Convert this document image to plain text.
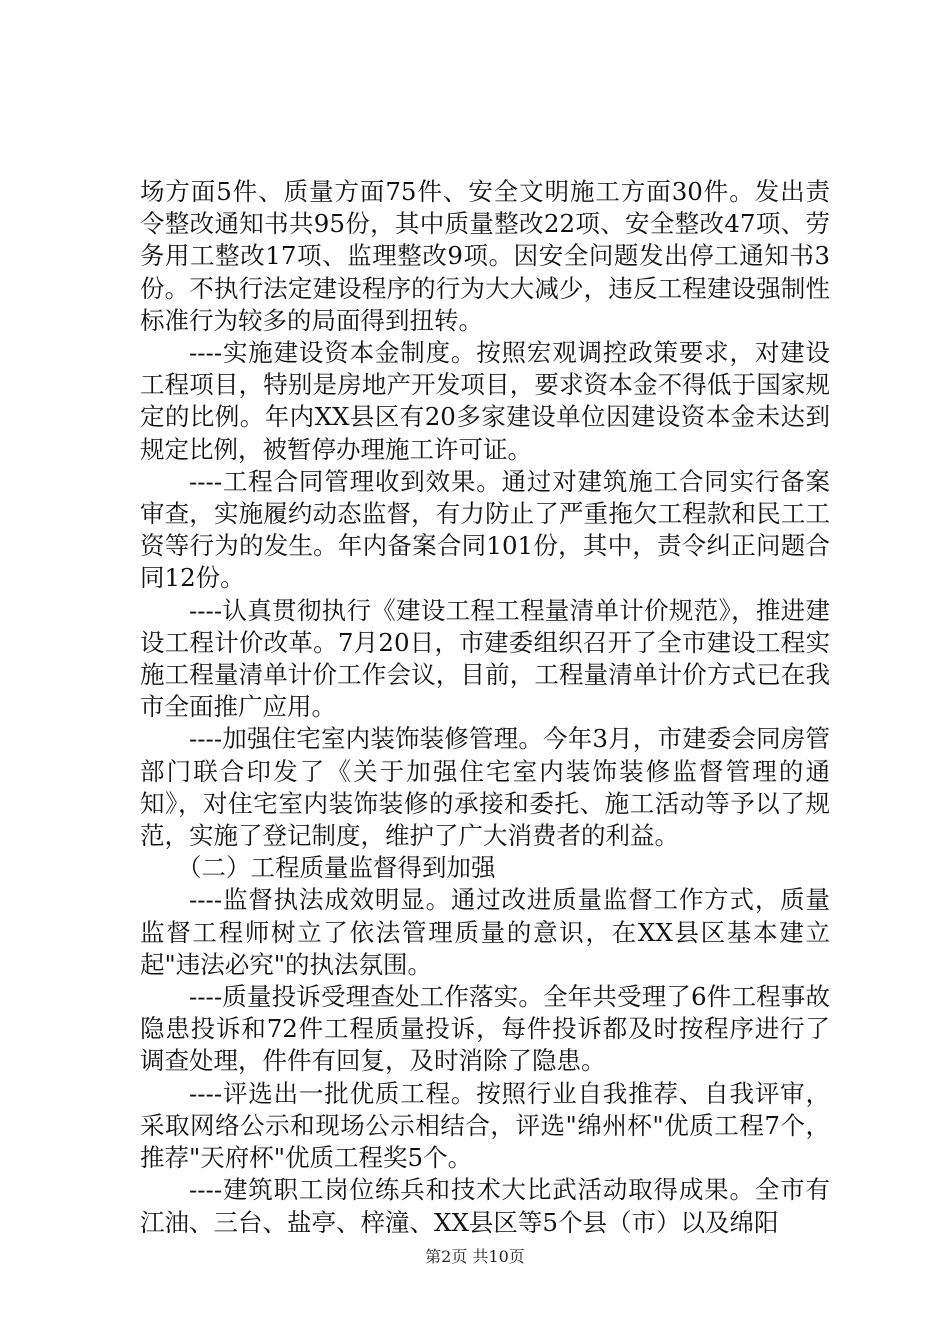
场方面5件、质量方面75件、安全文明施工方面30件。发出责令整改通知书共95份，其中质量整改22项、安全整改47项、劳务用工整改17项、监理整改9项。因安全问题发出停工通知书3份。不执行法定建设程序的行为大大减少，违反工程建设强制性标准行为较多的局面得到扭转。

----实施建设资本金制度。按照宏观调控政策要求，对建设工程项目，特别是房地产开发项目，要求资本金不得低于国家规定的比例。年内XX县区有20多家建设单位因建设资本金未达到规定比例，被暂停办理施工许可证。

----工程合同管理收到效果。通过对建筑施工合同实行备案审查，实施履约动态监督，有力防止了严重拖欠工程款和民工工资等行为的发生。年内备案合同101份，其中，责令纠正问题合同12份。

----认真贯彻执行《建设工程工程量清单计价规范》，推进建设工程计价改革。7月20日，市建委组织召开了全市建设工程实施工程量清单计价工作会议，目前，工程量清单计价方式已在我市全面推广应用。

----加强住宅室内装饰装修管理。今年3月，市建委会同房管部门联合印发了《关于加强住宅室内装饰装修监督管理的通知》，对住宅室内装饰装修的承接和委托、施工活动等予以了规范，实施了登记制度，维护了广大消费者的利益。

（二）工程质量监督得到加强

----监督执法成效明显。通过改进质量监督工作方式，质量监督工程师树立了依法管理质量的意识，在XX县区基本建立起"违法必究"的执法氛围。

----质量投诉受理查处工作落实。全年共受理了6件工程事故隐患投诉和72件工程质量投诉，每件投诉都及时按程序进行了调查处理，件件有回复，及时消除了隐患。

----评选出一批优质工程。按照行业自我推荐、自我评审，采取网络公示和现场公示相结合，评选"绵州杯"优质工程7个，推荐"天府杯"优质工程奖5个。

----建筑职工岗位练兵和技术大比武活动取得成果。全市有江油、三台、盐亭、梓潼、XX县区等5个县（市）以及绵阳

第2页 共10页
